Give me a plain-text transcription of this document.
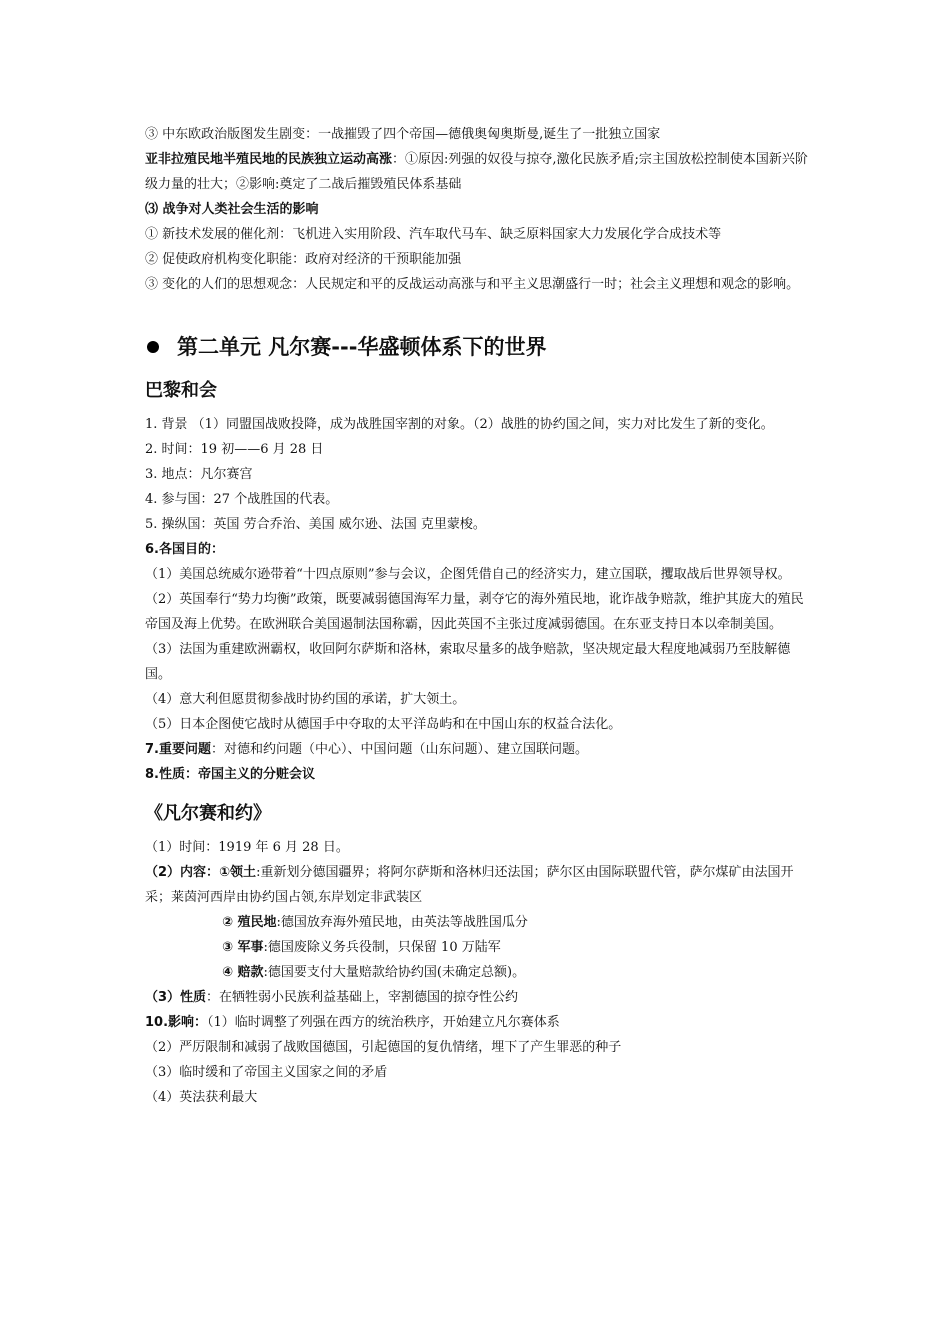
③ 中东欧政治版图发生剧变：一战摧毁了四个帝国—德俄奥匈奥斯曼,诞生了一批独立国家

亚非拉殖民地半殖民地的民族独立运动高涨：①原因:列强的奴役与掠夺,激化民族矛盾;宗主国放松控制使本国新兴阶级力量的壮大；②影响:奠定了二战后摧毁殖民体系基础

⑶ 战争对人类社会生活的影响

① 新技术发展的催化剂：飞机进入实用阶段、汽车取代马车、缺乏原料国家大力发展化学合成技术等

② 促使政府机构变化职能：政府对经济的干预职能加强

③ 变化的人们的思想观念：人民规定和平的反战运动高涨与和平主义思潮盛行一时；社会主义理想和观念的影响。

第二单元 凡尔赛---华盛顿体系下的世界
巴黎和会

1. 背景 （1）同盟国战败投降，成为战胜国宰割的对象。（2）战胜的协约国之间，实力对比发生了新的变化。

2. 时间：19 初——6 月 28 日

3. 地点：凡尔赛宫

4. 参与国：27 个战胜国的代表。

5. 操纵国：英国 劳合乔治、美国 威尔逊、法国 克里蒙梭。

6.各国目的：

（1）美国总统威尔逊带着“十四点原则”参与会议，企图凭借自己的经济实力，建立国联，攫取战后世界领导权。

（2）英国奉行“势力均衡”政策，既要减弱德国海军力量，剥夺它的海外殖民地，讹诈战争赔款，维护其庞大的殖民帝国及海上优势。在欧洲联合美国遏制法国称霸，因此英国不主张过度减弱德国。在东亚支持日本以牵制美国。

（3）法国为重建欧洲霸权，收回阿尔萨斯和洛林，索取尽量多的战争赔款，坚决规定最大程度地减弱乃至肢解德国。

（4）意大利但愿贯彻参战时协约国的承诺，扩大领土。

（5）日本企图使它战时从德国手中夺取的太平洋岛屿和在中国山东的权益合法化。

7.重要问题：对德和约问题（中心）、中国问题（山东问题）、建立国联问题。

8.性质：帝国主义的分赃会议

《凡尔赛和约》

（1）时间：1919 年 6 月 28 日。

（2）内容：①领土:重新划分德国疆界；将阿尔萨斯和洛林归还法国；萨尔区由国际联盟代管，萨尔煤矿由法国开采；莱茵河西岸由协约国占领,东岸划定非武装区

② 殖民地:德国放弃海外殖民地，由英法等战胜国瓜分

③ 军事:德国废除义务兵役制，只保留 10 万陆军

④ 赔款:德国要支付大量赔款给协约国(未确定总额)。

（3）性质：在牺牲弱小民族利益基础上，宰割德国的掠夺性公约

10.影响：（1）临时调整了列强在西方的统治秩序，开始建立凡尔赛体系

（2）严厉限制和减弱了战败国德国，引起德国的复仇情绪，埋下了产生罪恶的种子

（3）临时缓和了帝国主义国家之间的矛盾

（4）英法获利最大
